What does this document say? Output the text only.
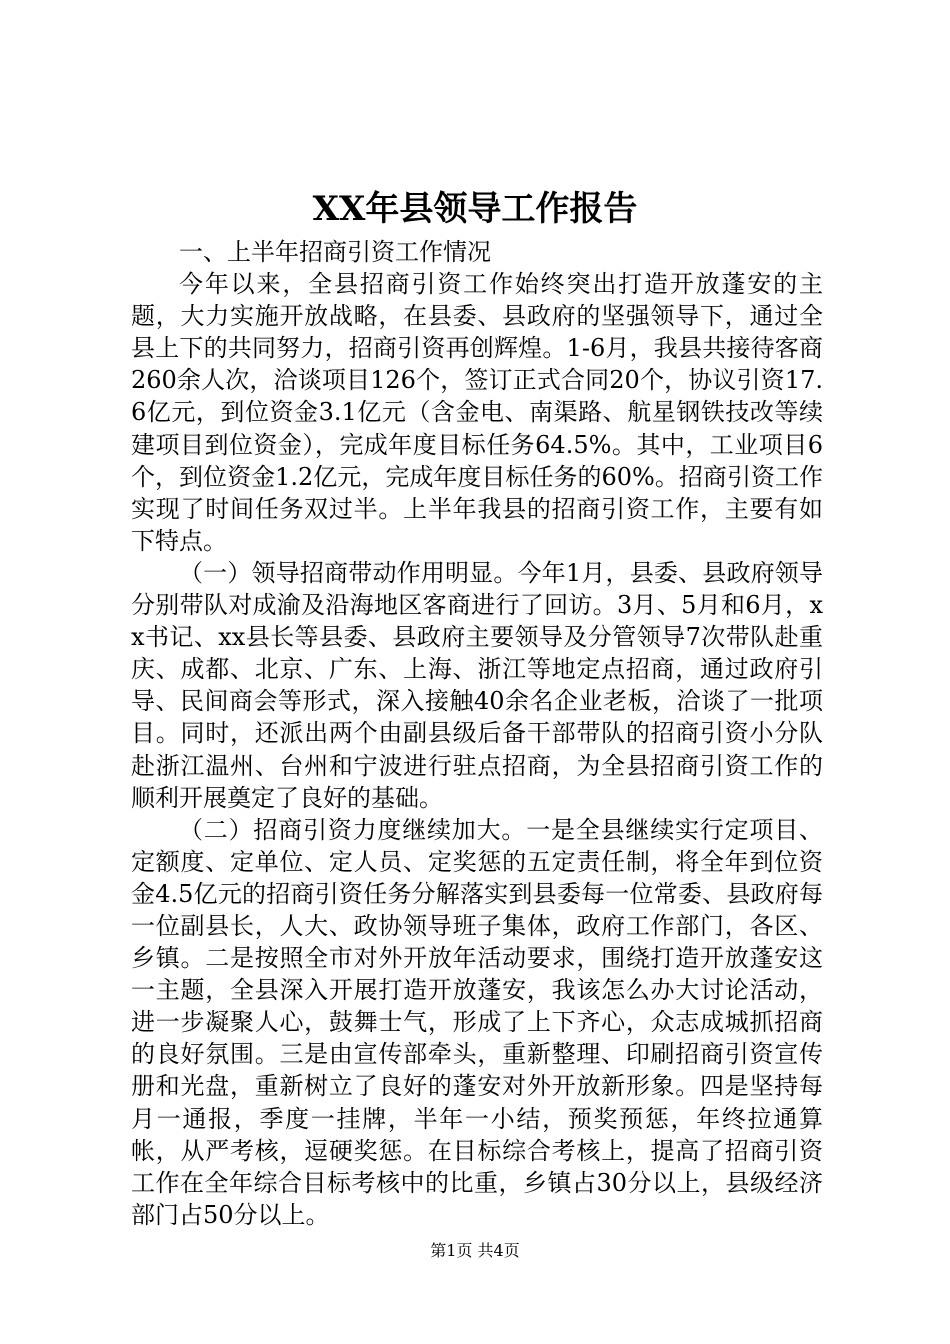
XX年县领导工作报告

一、上半年招商引资工作情况

今年以来，全县招商引资工作始终突出打造开放蓬安的主题，大力实施开放战略，在县委、县政府的坚强领导下，通过全县上下的共同努力，招商引资再创辉煌。1-6月，我县共接待客商260余人次，洽谈项目126个，签订正式合同20个，协议引资17.6亿元，到位资金3.1亿元（含金电、南渠路、航星钢铁技改等续建项目到位资金），完成年度目标任务64.5%。其中，工业项目6个，到位资金1.2亿元，完成年度目标任务的60%。招商引资工作实现了时间任务双过半。上半年我县的招商引资工作，主要有如下特点。

（一）领导招商带动作用明显。今年1月，县委、县政府领导分别带队对成渝及沿海地区客商进行了回访。3月、5月和6月，xx书记、xx县长等县委、县政府主要领导及分管领导7次带队赴重庆、成都、北京、广东、上海、浙江等地定点招商，通过政府引导、民间商会等形式，深入接触40余名企业老板，洽谈了一批项目。同时，还派出两个由副县级后备干部带队的招商引资小分队赴浙江温州、台州和宁波进行驻点招商，为全县招商引资工作的顺利开展奠定了良好的基础。

（二）招商引资力度继续加大。一是全县继续实行定项目、定额度、定单位、定人员、定奖惩的五定责任制，将全年到位资金4.5亿元的招商引资任务分解落实到县委每一位常委、县政府每一位副县长，人大、政协领导班子集体，政府工作部门，各区、乡镇。二是按照全市对外开放年活动要求，围绕打造开放蓬安这一主题，全县深入开展打造开放蓬安，我该怎么办大讨论活动，进一步凝聚人心，鼓舞士气，形成了上下齐心，众志成城抓招商的良好氛围。三是由宣传部牵头，重新整理、印刷招商引资宣传册和光盘，重新树立了良好的蓬安对外开放新形象。四是坚持每月一通报，季度一挂牌，半年一小结，预奖预惩，年终拉通算帐，从严考核，逗硬奖惩。在目标综合考核上，提高了招商引资工作在全年综合目标考核中的比重，乡镇占30分以上，县级经济部门占50分以上。

第1页 共4页
